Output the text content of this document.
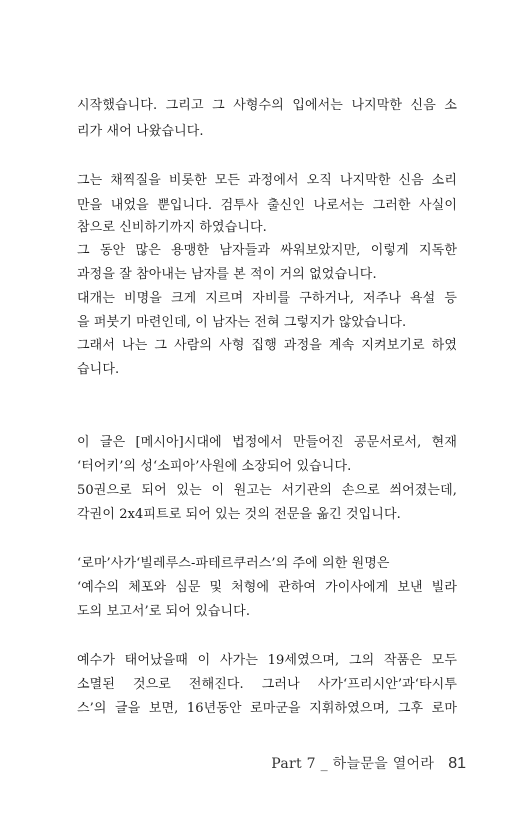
시작했습니다. 그리고 그 사형수의 입에서는 나지막한 신음 소
리가 새어 나왔습니다.
그는 채찍질을 비롯한 모든 과정에서 오직 나지막한 신음 소리
만을 내었을 뿐입니다. 검투사 출신인 나로서는 그러한 사실이
참으로 신비하기까지 하였습니다.
그 동안 많은 용맹한 남자들과 싸워보았지만, 이렇게 지독한
과정을 잘 참아내는 남자를 본 적이 거의 없었습니다.
대개는 비명을 크게 지르며 자비를 구하거나, 저주나 욕설 등
을 퍼붓기 마련인데, 이 남자는 전혀 그렇지가 않았습니다.
그래서 나는 그 사람의 사형 집행 과정을 계속 지켜보기로 하였
습니다.
이 글은 [메시아]시대에 법정에서 만들어진 공문서로서, 현재
‘터어키’의 성‘소피아’사원에 소장되어 있습니다.
50권으로 되어 있는 이 원고는 서기관의 손으로 씌어졌는데,
각권이 2x4피트로 되어 있는 것의 전문을 옮긴 것입니다.
‘로마’사가‘빌레루스-파테르쿠러스’의 주에 의한 원명은
‘예수의 체포와 심문 및 처형에 관하여 가이사에게 보낸 빌라
도의 보고서’로 되어 있습니다.
예수가 태어났을때 이 사가는 19세였으며, 그의 작품은 모두
소멸된 것으로 전해진다. 그러나 사가‘프리시안’과‘타시투
스’의 글을 보면, 16년동안 로마군을 지휘하였으며, 그후 로마
Part 7 _ 하늘문을 열어라 81
